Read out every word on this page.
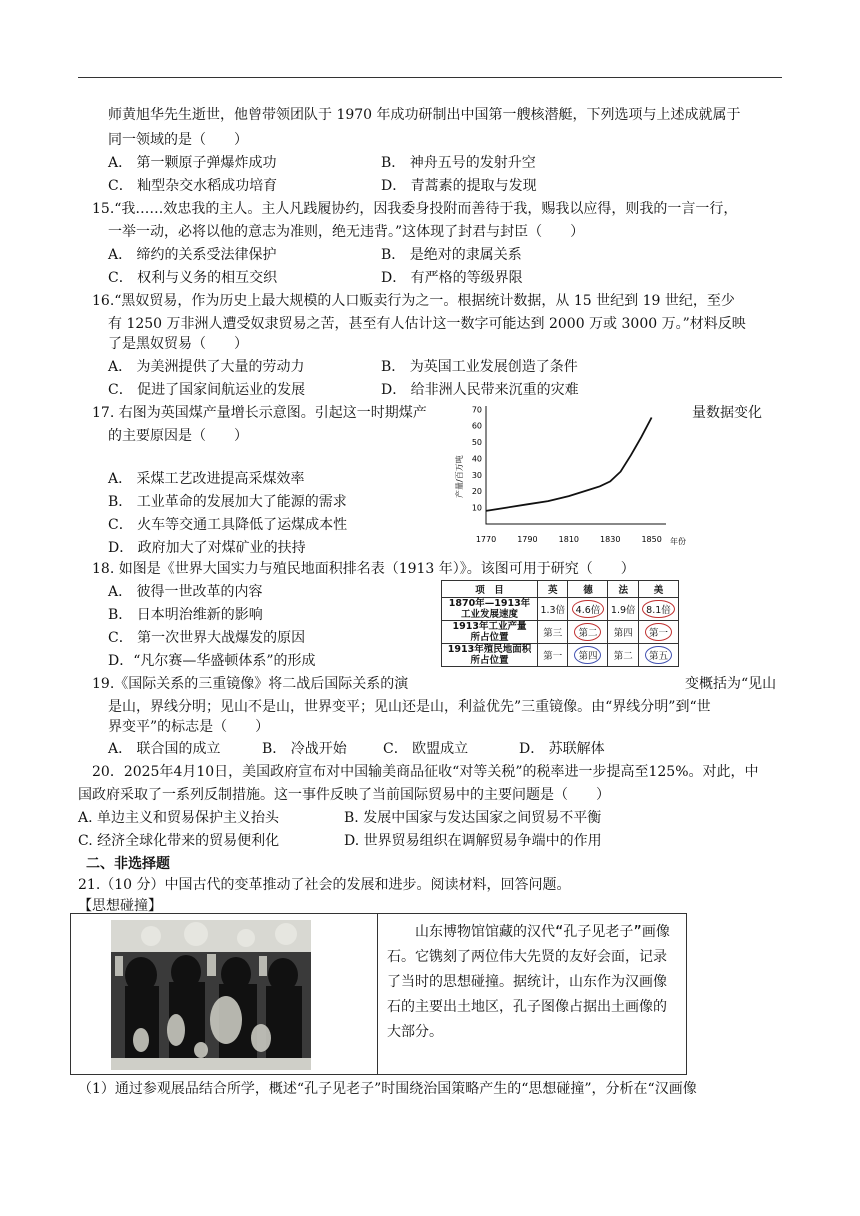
师黄旭华先生逝世，他曾带领团队于 1970 年成功研制出中国第一艘核潜艇，下列选项与上述成就属于
同一领域的是（　　）
A． 第一颗原子弹爆炸成功	B． 神舟五号的发射升空
C． 籼型杂交水稻成功培育	D． 青蒿素的提取与发现
15.“我……效忠我的主人。主人凡践履协约，因我委身投附而善待于我，赐我以应得，则我的一言一行，
一举一动，必将以他的意志为准则，绝无违背。”这体现了封君与封臣（　　）
A． 缔约的关系受法律保护	B． 是绝对的隶属关系
C． 权利与义务的相互交织	D． 有严格的等级界限
16.“黑奴贸易，作为历史上最大规模的人口贩卖行为之一。根据统计数据，从 15 世纪到 19 世纪，至少
有 1250 万非洲人遭受奴隶贸易之苦，甚至有人估计这一数字可能达到 2000 万或 3000 万。”材料反映
了是黑奴贸易（　　）
A． 为美洲提供了大量的劳动力	B． 为英国工业发展创造了条件
C． 促进了国家间航运业的发展	D． 给非洲人民带来沉重的灾难
17. 右图为英国煤产量增长示意图。引起这一时期煤产	量数据变化
的主要原因是（　　）
A． 采煤工艺改进提高采煤效率
B． 工业革命的发展加大了能源的需求
C． 火车等交通工具降低了运煤成本性
D． 政府加大了对煤矿业的扶持
10
20
30
40
50
60
70
1770	1790	1810	1830	1850
产量/百万吨
年份
18. 如图是《世界大国实力与殖民地面积排名表（1913 年）》。该图可用于研究（　　）
A． 彼得一世改革的内容
B． 日本明治维新的影响
C． 第一次世界大战爆发的原因
D．“凡尔赛—华盛顿体系”的形成
项　目	英	德	法	美

1870年—1913年
工业发展速度	1.3倍	4.6倍	1.9倍	8.1倍

1913年工业产量
所占位置	第三	第二	第四	第一

1913年殖民地面积
所占位置	第一	第四	第二	第五
19.《国际关系的三重镜像》将二战后国际关系的演	变概括为“见山
是山，界线分明；见山不是山，世界变平；见山还是山，利益优先”三重镜像。由“界线分明”到“世
界变平”的标志是（　　）
A． 联合国的成立	B． 冷战开始	C． 欧盟成立	D． 苏联解体
20．2025年4月10日，美国政府宣布对中国输美商品征收“对等关税”的税率进一步提高至125%。对此，中
国政府采取了一系列反制措施。这一事件反映了当前国际贸易中的主要问题是（　　）
A. 单边主义和贸易保护主义抬头	B. 发展中国家与发达国家之间贸易不平衡
C. 经济全球化带来的贸易便利化	D. 世界贸易组织在调解贸易争端中的作用
二、非选择题
21.（10 分）中国古代的变革推动了社会的发展和进步。阅读材料，回答问题。
【思想碰撞】
　　山东博物馆馆藏的汉代“孔子见老子”画像石。它镌刻了两位伟大先贤的友好会面，记录了当时的思想碰撞。据统计，山东作为汉画像石的主要出土地区，孔子图像占据出土画像的大部分。
（1）通过参观展品结合所学，概述“孔子见老子”时围绕治国策略产生的“思想碰撞”，分析在“汉画像
